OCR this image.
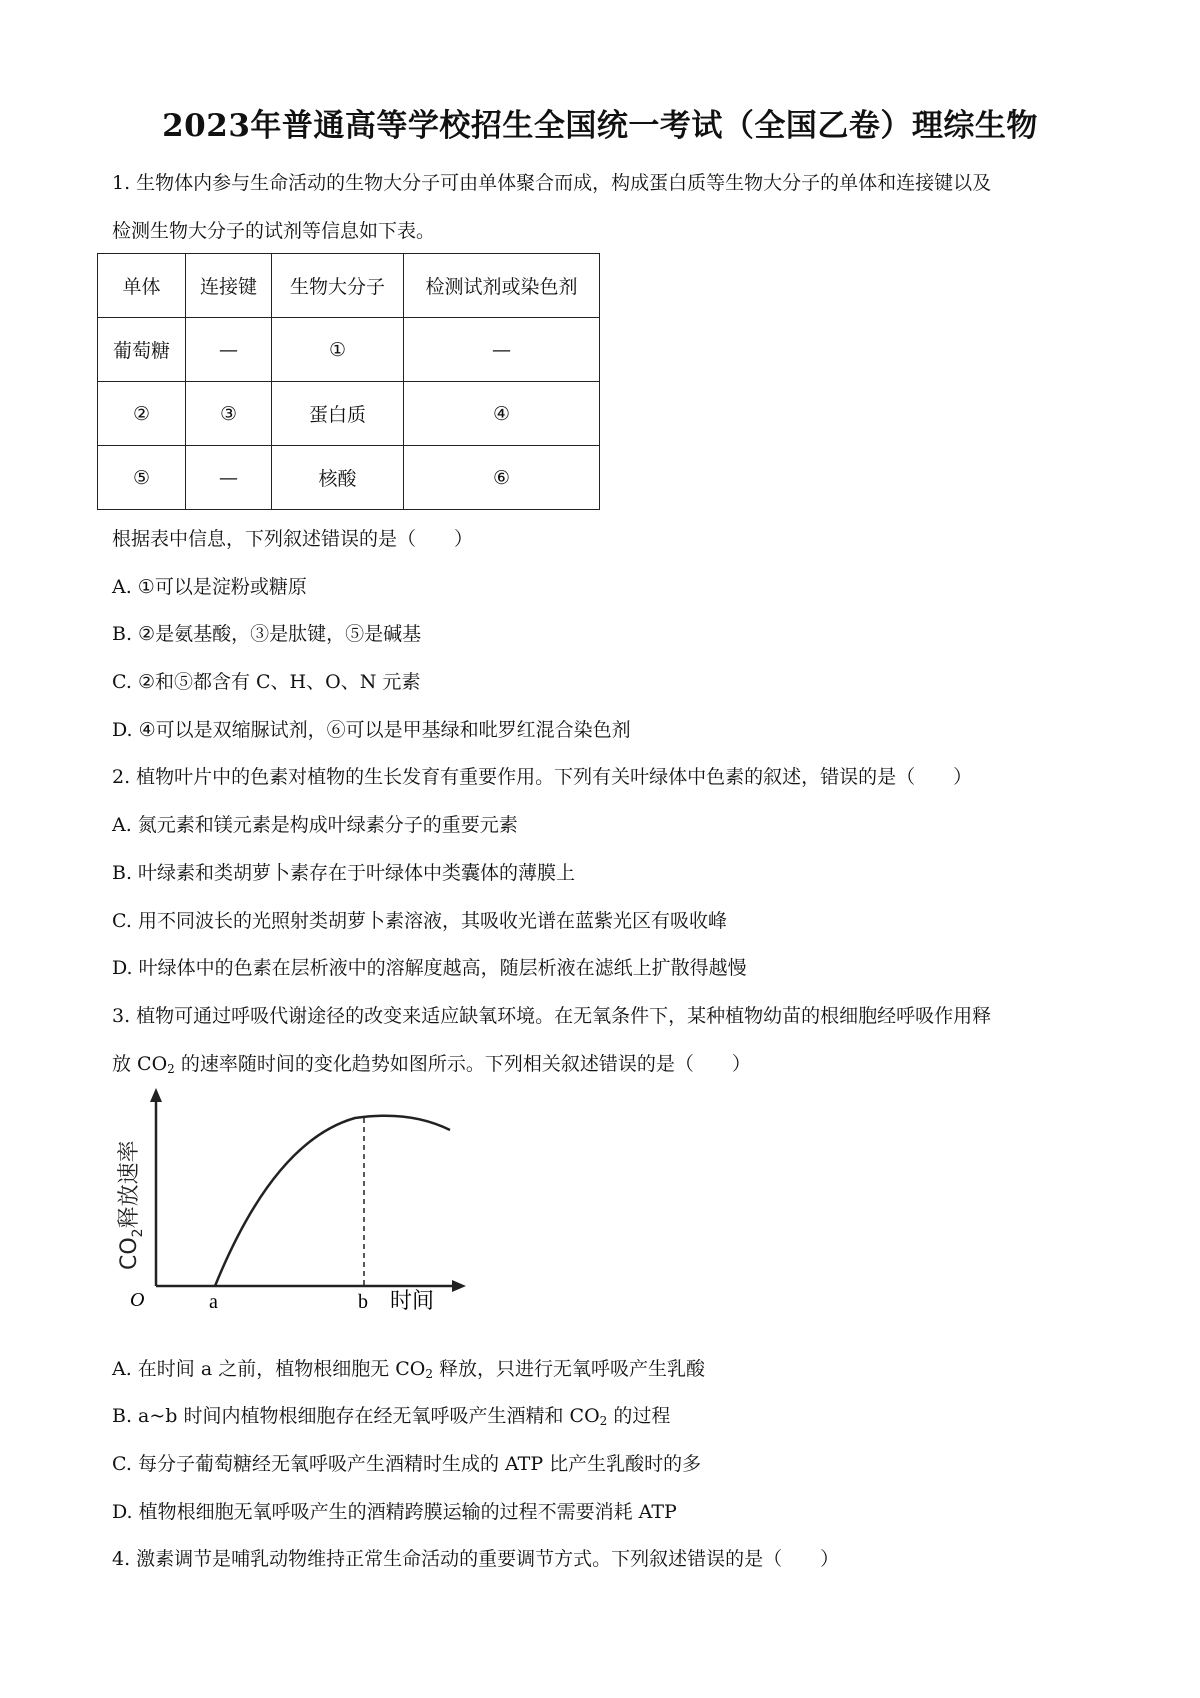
2023年普通高等学校招生全国统一考试（全国乙卷）理综生物
1. 生物体内参与生命活动的生物大分子可由单体聚合而成，构成蛋白质等生物大分子的单体和连接键以及
检测生物大分子的试剂等信息如下表。
单体	连接键	生物大分子	检测试剂或染色剂
葡萄糖	—	①	—
②	③	蛋白质	④
⑤	—	核酸	⑥
根据表中信息，下列叙述错误的是（　　）
A. ①可以是淀粉或糖原
B. ②是氨基酸，③是肽键，⑤是碱基
C. ②和⑤都含有 C、H、O、N 元素
D. ④可以是双缩脲试剂，⑥可以是甲基绿和吡罗红混合染色剂
2. 植物叶片中的色素对植物的生长发育有重要作用。下列有关叶绿体中色素的叙述，错误的是（　　）
A. 氮元素和镁元素是构成叶绿素分子的重要元素
B. 叶绿素和类胡萝卜素存在于叶绿体中类囊体的薄膜上
C. 用不同波长的光照射类胡萝卜素溶液，其吸收光谱在蓝紫光区有吸收峰
D. 叶绿体中的色素在层析液中的溶解度越高，随层析液在滤纸上扩散得越慢
3. 植物可通过呼吸代谢途径的改变来适应缺氧环境。在无氧条件下，某种植物幼苗的根细胞经呼吸作用释
放 $CO_2$ 的速率随时间的变化趋势如图所示。下列相关叙述错误的是（　　）
O	a	b 时间
$CO_2$释放速率
A. 在时间 a 之前，植物根细胞无 $CO_2$ 释放，只进行无氧呼吸产生乳酸
B. a~b 时间内植物根细胞存在经无氧呼吸产生酒精和 $CO_2$ 的过程
C. 每分子葡萄糖经无氧呼吸产生酒精时生成的 ATP 比产生乳酸时的多
D. 植物根细胞无氧呼吸产生的酒精跨膜运输的过程不需要消耗 ATP
4. 激素调节是哺乳动物维持正常生命活动的重要调节方式。下列叙述错误的是（　　）
